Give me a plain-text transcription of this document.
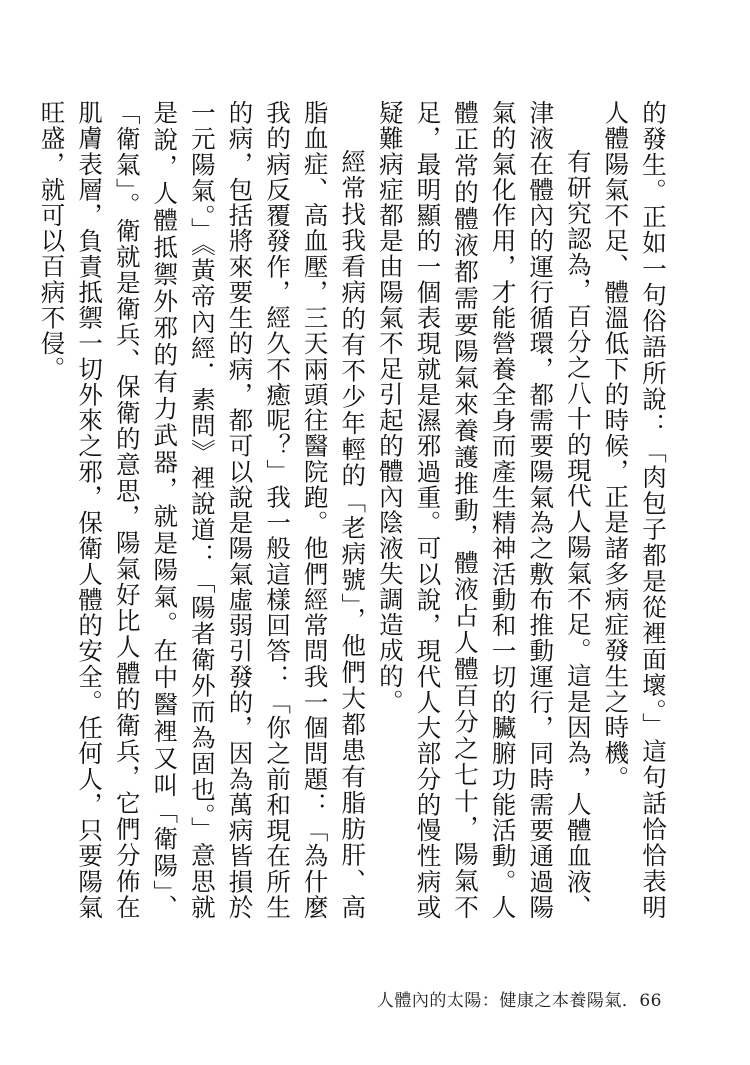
的發生。正如一句俗語所說：「肉包子都是從裡面壞。」這句話恰恰表明人體陽氣不足、體溫低下的時候，正是諸多病症發生之時機。

有研究認為，百分之八十的現代人陽氣不足。這是因為，人體血液、津液在體內的運行循環，都需要陽氣為之敷布推動運行，同時需要通過陽氣的氣化作用，才能營養全身而產生精神活動和一切的臟腑功能活動。人體正常的體液都需要陽氣來養護推動，體液占人體百分之七十，陽氣不足，最明顯的一個表現就是濕邪過重。可以說，現代人大部分的慢性病或疑難病症都是由陽氣不足引起的體內陰液失調造成的。

經常找我看病的有不少年輕的「老病號」，他們大都患有脂肪肝、高脂血症、高血壓，三天兩頭往醫院跑。他們經常問我一個問題：「為什麼我的病反覆發作，經久不癒呢？」我一般這樣回答：「你之前和現在所生的病，包括將來要生的病，都可以說是陽氣虛弱引發的，因為萬病皆損於一元陽氣。」《黃帝內經．素問》裡說道：「陽者衛外而為固也。」意思就是說，人體抵禦外邪的有力武器，就是陽氣。在中醫裡又叫「衛陽」、「衛氣」。衛就是衛兵、保衛的意思，陽氣好比人體的衛兵，它們分佈在肌膚表層，負責抵禦一切外來之邪，保衛人體的安全。任何人，只要陽氣旺盛，就可以百病不侵。

人體內的太陽：健康之本養陽氣．66
